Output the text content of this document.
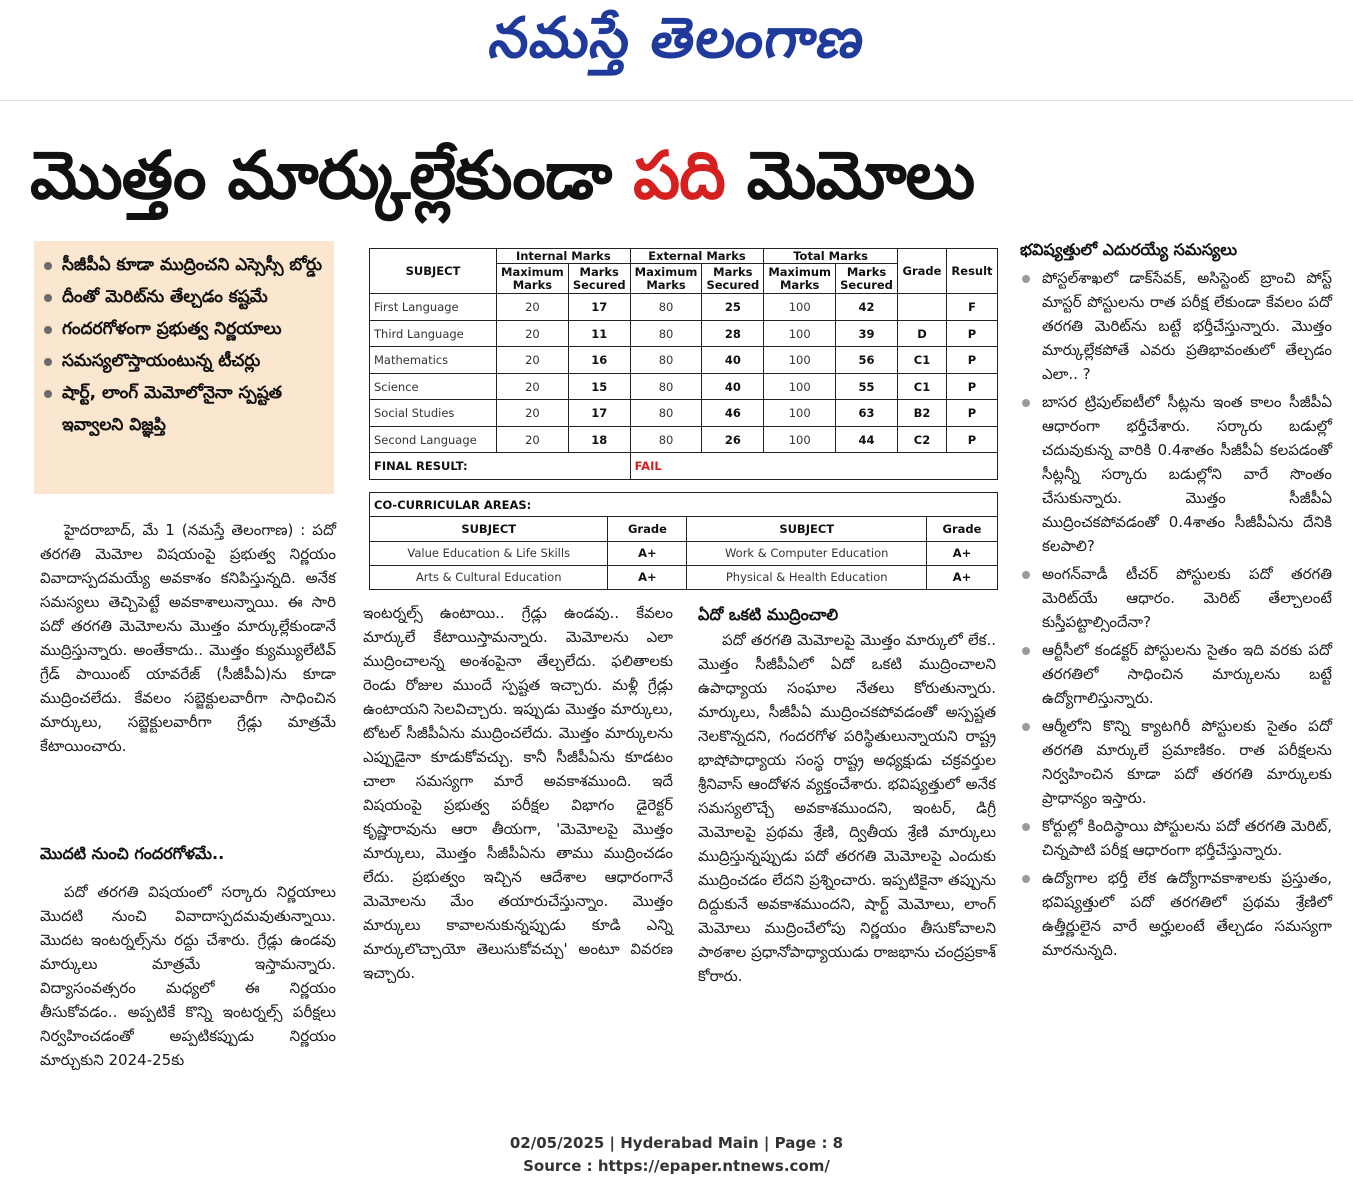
నమస్తే తెలంగాణ
మొత్తం మార్కుల్లేకుండా పది మెమోలు
సీజీపీఏ కూడా ముద్రించని ఎస్సెస్సీ బోర్డు
దీంతో మెరిట్‌ను తేల్చడం కష్టమే
గందరగోళంగా ప్రభుత్వ నిర్ణయాలు
సమస్యలొస్తాయంటున్న టీచర్లు
షార్ట్, లాంగ్ మెమోలోనైనా స్పష్టత ఇవ్వాలని విజ్ఞప్తి
SUBJECT	Internal Marks		External Marks		Total Marks		Grade	Result
	Maximum Marks	Marks Secured	Maximum Marks	Marks Secured	Maximum Marks	Marks Secured		
First Language	20	17	80	25	100	42		F
Third Language	20	11	80	28	100	39	D	P
Mathematics	20	16	80	40	100	56	C1	P
Science	20	15	80	40	100	55	C1	P
Social Studies	20	17	80	46	100	63	B2	P
Second Language	20	18	80	26	100	44	C2	P
FINAL RESULT:			FAIL					
CO-CURRICULAR AREAS:			
SUBJECT	Grade	SUBJECT	Grade
Value Education & Life Skills	A+	Work & Computer Education	A+
Arts & Cultural Education	A+	Physical & Health Education	A+

హైదరాబాద్, మే 1 (నమస్తే తెలంగాణ) : పదో తరగతి మెమోల విషయంపై ప్రభుత్వ నిర్ణయం వివాదాస్పదమయ్యే అవకాశం కనిపిస్తున్నది. అనేక సమస్యలు తెచ్చిపెట్టే అవకాశాలున్నాయి. ఈ సారి పదో తరగతి మెమోలను మొత్తం మార్కుల్లేకుండానే ముద్రిస్తున్నారు. అంతేకాదు.. మొత్తం క్యుమ్యులేటివ్ గ్రేడ్ పాయింట్ యావరేజ్ (సీజీపీఏ)ను కూడా ముద్రించలేదు. కేవలం సబ్జెక్టులవారీగా సాధించిన మార్కులు, సబ్జెక్టులవారీగా గ్రేడ్లు మాత్రమే కేటాయించారు.

మొదటి నుంచి గందరగోళమే..

పదో తరగతి విషయంలో సర్కారు నిర్ణయాలు మొదటి నుంచి వివాదాస్పదమవుతున్నాయి. మొదట ఇంటర్నల్స్‌ను రద్దు చేశారు. గ్రేడ్లు ఉండవు మార్కులు మాత్రమే ఇస్తామన్నారు. విద్యాసంవత్సరం మధ్యలో ఈ నిర్ణయం తీసుకోవడం.. అప్పటికే కొన్ని ఇంటర్నల్స్ పరీక్షలు నిర్వహించడంతో అప్పటికప్పుడు నిర్ణయం మార్చుకుని 2024-25కు

ఇంటర్నల్స్ ఉంటాయి.. గ్రేడ్లు ఉండవు.. కేవలం మార్కులే కేటాయిస్తామన్నారు. మెమోలను ఎలా ముద్రించాలన్న అంశంపైనా తేల్చలేదు. ఫలితాలకు రెండు రోజుల ముందే స్పష్టత ఇచ్చారు. మళ్లీ గ్రేడ్లు ఉంటాయని సెలవిచ్చారు. ఇప్పుడు మొత్తం మార్కులు, టోటల్ సీజీపీఏను ముద్రించలేదు. మొత్తం మార్కులను ఎప్పుడైనా కూడుకోవచ్చు. కానీ సీజీపీఏను కూడటం చాలా సమస్యగా మారే అవకాశముంది. ఇదే విషయంపై ప్రభుత్వ పరీక్షల విభాగం డైరెక్టర్ కృష్ణారావును ఆరా తీయగా, 'మెమోలపై మొత్తం మార్కులు, మొత్తం సీజీపీఏను తాము ముద్రించడం లేదు. ప్రభుత్వం ఇచ్చిన ఆదేశాల ఆధారంగానే మెమోలను మేం తయారుచేస్తున్నాం. మొత్తం మార్కులు కావాలనుకున్నప్పుడు కూడి ఎన్ని మార్కులొచ్చాయో తెలుసుకోవచ్చు' అంటూ వివరణ ఇచ్చారు.

ఏదో ఒకటి ముద్రించాలి

పదో తరగతి మెమోలపై మొత్తం మార్కులో లేక.. మొత్తం సీజీపీఏలో ఏదో ఒకటి ముద్రించాలని ఉపాధ్యాయ సంఘాల నేతలు కోరుతున్నారు. మార్కులు, సీజీపీఏ ముద్రించకపోవడంతో అస్పష్టత నెలకొన్నదని, గందరగోళ పరిస్థితులున్నాయని రాష్ట్ర భాషోపాధ్యాయ సంస్థ రాష్ట్ర అధ్యక్షుడు చక్రవర్తుల శ్రీనివాస్ ఆందోళన వ్యక్తంచేశారు. భవిష్యత్తులో అనేక సమస్యలొచ్చే అవకాశముందని, ఇంటర్, డిగ్రీ మెమోలపై ప్రథమ శ్రేణి, ద్వితీయ శ్రేణి మార్కులు ముద్రిస్తున్నప్పుడు పదో తరగతి మెమోలపై ఎందుకు ముద్రించడం లేదని ప్రశ్నించారు. ఇప్పటికైనా తప్పును దిద్దుకునే అవకాశముందని, షార్ట్ మెమోలు, లాంగ్ మెమోలు ముద్రించేలోపు నిర్ణయం తీసుకోవాలని పాఠశాల ప్రధానోపాధ్యాయుడు రాజభాను చంద్రప్రకాశ్ కోరారు.

భవిష్యత్తులో ఎదురయ్యే సమస్యలు

పోస్టల్‌శాఖలో డాక్‌సేవక్, అసిస్టెంట్ బ్రాంచి పోస్ట్ మాస్టర్ పోస్టులను రాత పరీక్ష లేకుండా కేవలం పదో తరగతి మెరిట్‌ను బట్టే భర్తీచేస్తున్నారు. మొత్తం మార్కుల్లేకపోతే ఎవరు ప్రతిభావంతులో తేల్చడం ఎలా.. ?
బాసర ట్రిపుల్‌ఐటీలో సీట్లను ఇంత కాలం సీజీపీఏ ఆధారంగా భర్తీచేశారు. సర్కారు బడుల్లో చదువుకున్న వారికి 0.4శాతం సీజీపీఏ కలపడంతో సీట్లన్నీ సర్కారు బడుల్లోని వారే సొంతం చేసుకున్నారు. మొత్తం సీజీపీఏ ముద్రించకపోవడంతో 0.4శాతం సీజీపీఏను దేనికి కలపాలి?
అంగన్‌వాడీ టీచర్ పోస్టులకు పదో తరగతి మెరిట్‌యే ఆధారం. మెరిట్ తేల్చాలంటే కుస్తీపట్టాల్సిందేనా?
ఆర్టీసీలో కండక్టర్ పోస్టులను సైతం ఇది వరకు పదో తరగతిలో సాధించిన మార్కులను బట్టే ఉద్యోగాలిస్తున్నారు.
ఆర్మీలోని కొన్ని క్యాటగిరీ పోస్టులకు సైతం పదో తరగతి మార్కులే ప్రమాణికం. రాత పరీక్షలను నిర్వహించిన కూడా పదో తరగతి మార్కులకు ప్రాధాన్యం ఇస్తారు.
కోర్టుల్లో కిందిస్థాయి పోస్టులను పదో తరగతి మెరిట్, చిన్నపాటి పరీక్ష ఆధారంగా భర్తీచేస్తున్నారు.
ఉద్యోగాల భర్తీ లేక ఉద్యోగావకాశాలకు ప్రస్తుతం, భవిష్యత్తులో పదో తరగతిలో ప్రథమ శ్రేణిలో ఉత్తీర్ణులైన వారే అర్హులంటే తేల్చడం సమస్యగా మారనున్నది.
02/05/2025 | Hyderabad Main | Page : 8
Source : https://epaper.ntnews.com/
